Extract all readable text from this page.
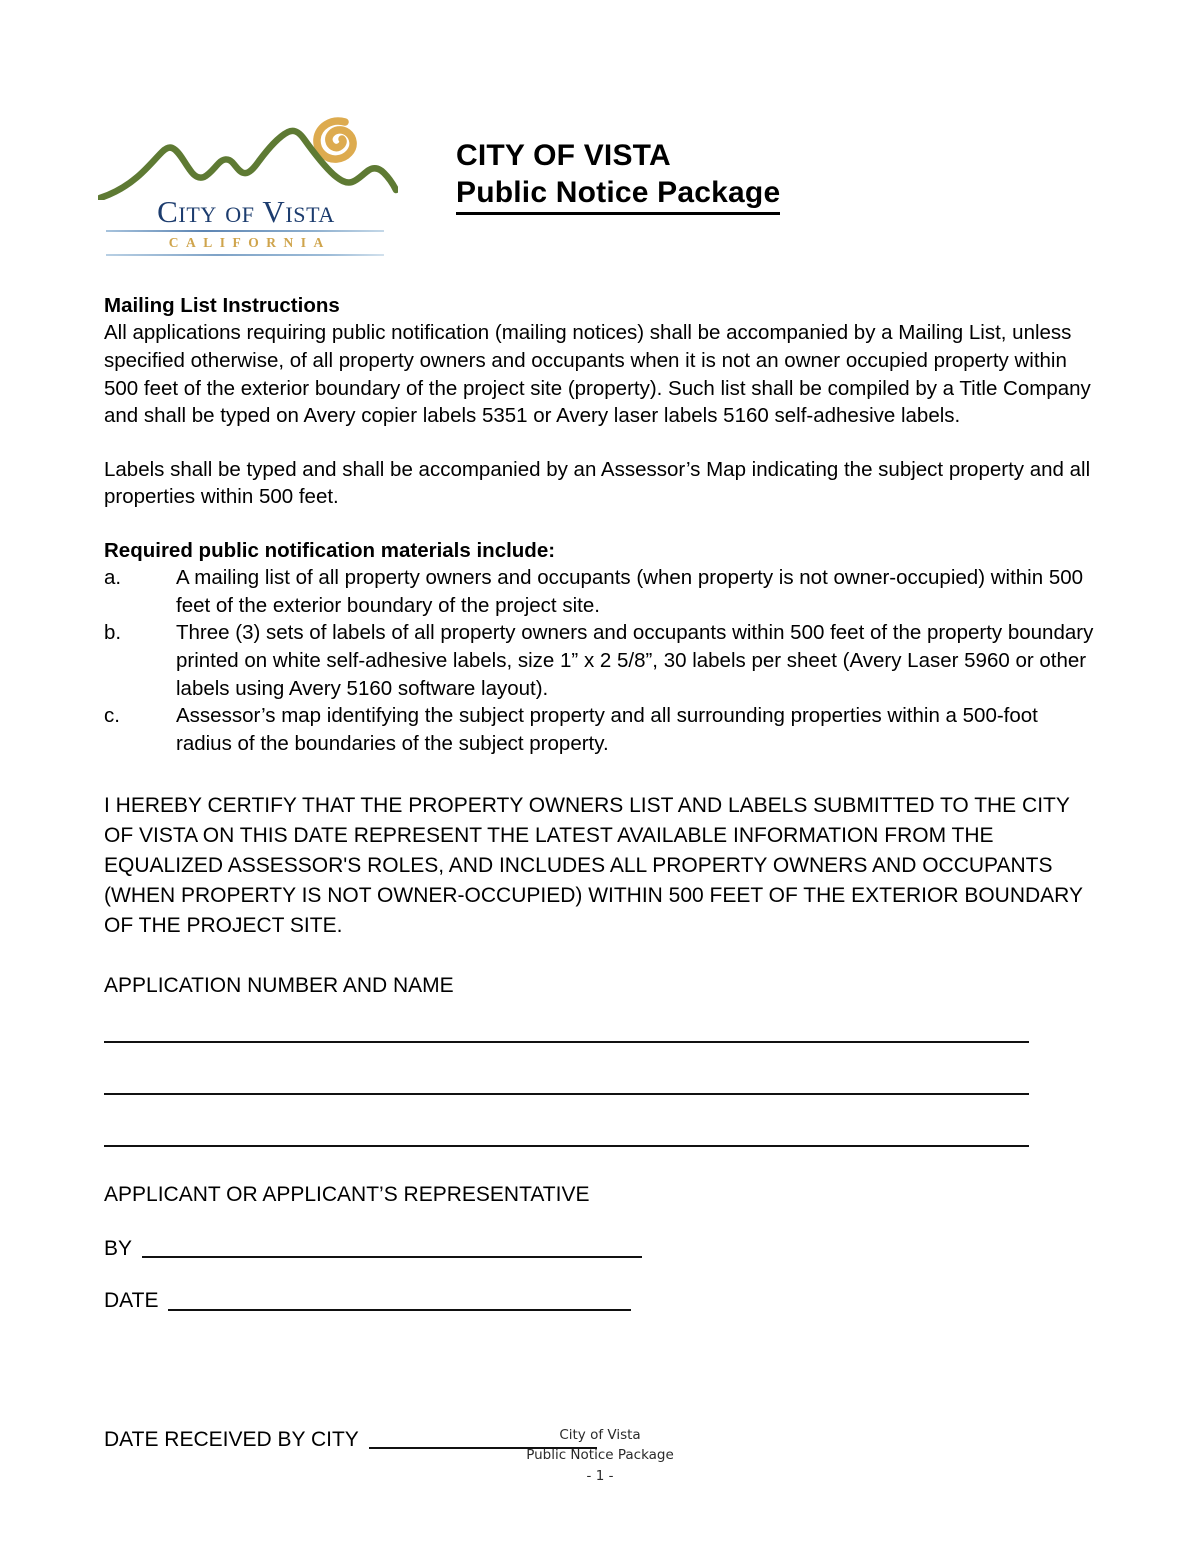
City of Vista
CALIFORNIA
CITY OF VISTA
Public Notice Package
Mailing List Instructions

All applications requiring public notification (mailing notices) shall be accompanied by a Mailing List, unless specified otherwise, of all property owners and occupants when it is not an owner occupied property within 500 feet of the exterior boundary of the project site (property). Such list shall be compiled by a Title Company and shall be typed on Avery copier labels 5351 or Avery laser labels 5160 self-adhesive labels.

Labels shall be typed and shall be accompanied by an Assessor’s Map indicating the subject property and all properties within 500 feet.

Required public notification materials include:
a.	A mailing list of all property owners and occupants (when property is not owner-occupied) within 500 feet of the exterior boundary of the project site.
b.	Three (3) sets of labels of all property owners and occupants within 500 feet of the property boundary printed on white self-adhesive labels, size 1” x 2 5/8”, 30 labels per sheet (Avery Laser 5960 or other labels using Avery 5160 software layout).
c.	Assessor’s map identifying the subject property and all surrounding properties within a 500-foot radius of the boundaries of the subject property.

I HEREBY CERTIFY THAT THE PROPERTY OWNERS LIST AND LABELS SUBMITTED TO THE CITY OF VISTA ON THIS DATE REPRESENT THE LATEST AVAILABLE INFORMATION FROM THE EQUALIZED ASSESSOR'S ROLES, AND INCLUDES ALL PROPERTY OWNERS AND OCCUPANTS (WHEN PROPERTY IS NOT OWNER-OCCUPIED) WITHIN 500 FEET OF THE EXTERIOR BOUNDARY OF THE PROJECT SITE.

APPLICATION NUMBER AND NAME
APPLICANT OR APPLICANT’S REPRESENTATIVE
BY
DATE
DATE RECEIVED BY CITY	City of Vista
Public Notice Package
- 1 -
